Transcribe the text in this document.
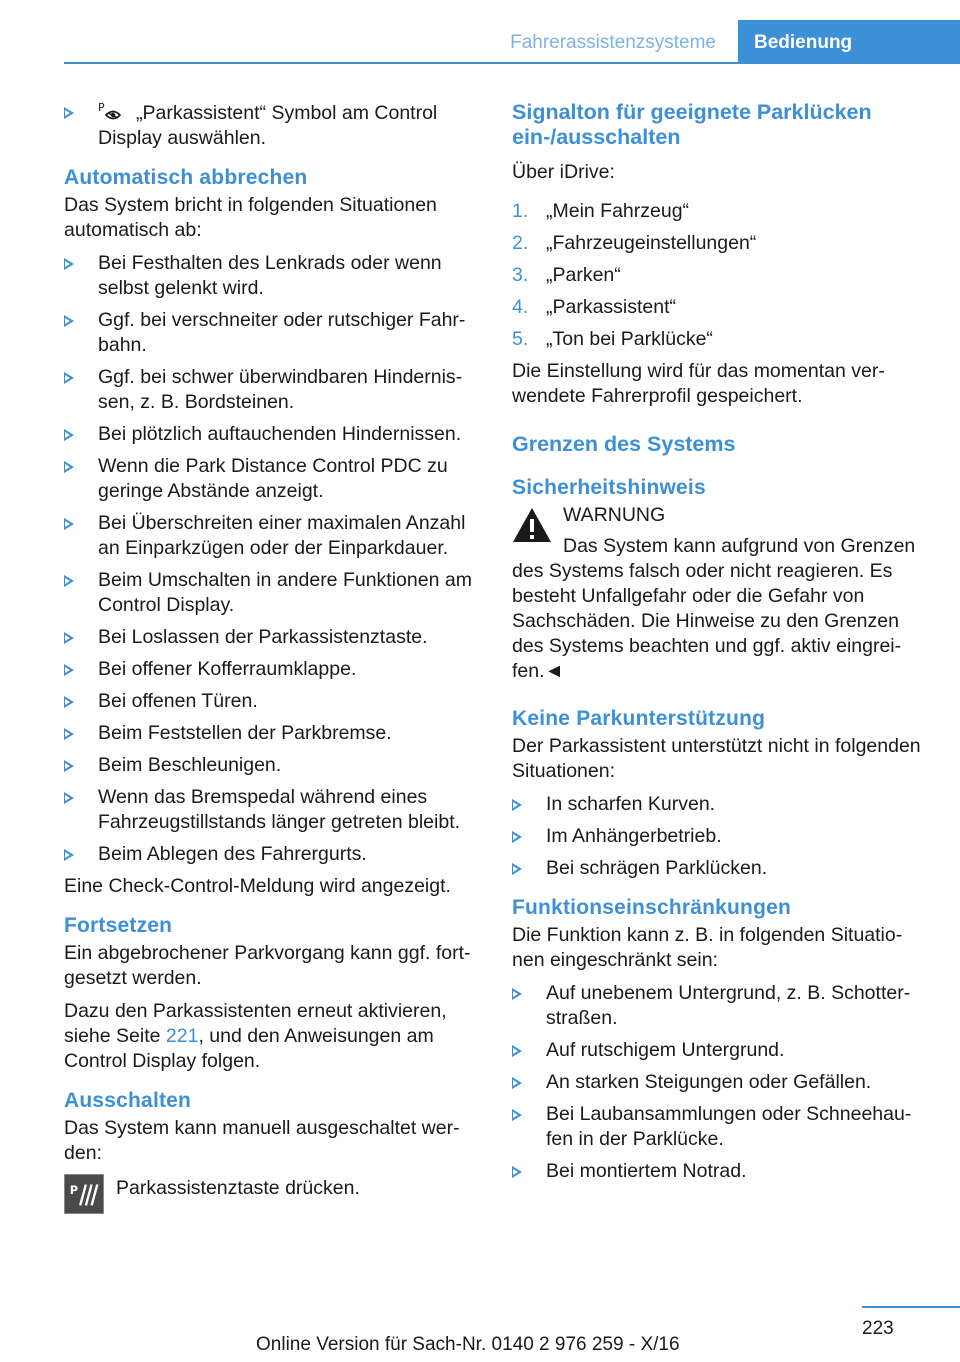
Fahrerassistenzsysteme	Bedienung
P „Parkassistent“ Symbol am Control Display auswählen.
Automatisch abbrechen

Das System bricht in folgenden Situationen automatisch ab:

Bei Festhalten des Lenkrads oder wenn selbst gelenkt wird.
Ggf. bei verschneiter oder rutschiger Fahrbahn.
Ggf. bei schwer überwindbaren Hindernissen, z. B. Bordsteinen.
Bei plötzlich auftauchenden Hindernissen.
Wenn die Park Distance Control PDC zu geringe Abstände anzeigt.
Bei Überschreiten einer maximalen Anzahl an Einparkzügen oder der Einparkdauer.
Beim Umschalten in andere Funktionen am Control Display.
Bei Loslassen der Parkassistenztaste.
Bei offener Kofferraumklappe.
Bei offenen Türen.
Beim Feststellen der Parkbremse.
Beim Beschleunigen.
Wenn das Bremspedal während eines Fahrzeugstillstands länger getreten bleibt.
Beim Ablegen des Fahrergurts.

Eine Check-Control-Meldung wird angezeigt.

Fortsetzen

Ein abgebrochener Parkvorgang kann ggf. fortgesetzt werden.

Dazu den Parkassistenten erneut aktivieren, siehe Seite 221, und den Anweisungen am Control Display folgen.

Ausschalten

Das System kann manuell ausgeschaltet werden:

P Parkassistenztaste drücken.
Signalton für geeignete Parklücken ein-/ausschalten

Über iDrive:

1. „Mein Fahrzeug“
2. „Fahrzeugeinstellungen“
3. „Parken“
4. „Parkassistent“
5. „Ton bei Parklücke“

Die Einstellung wird für das momentan verwendete Fahrerprofil gespeichert.

Grenzen des Systems
Sicherheitshinweis
WARNUNG
Das System kann aufgrund von Grenzen
des Systems falsch oder nicht reagieren. Es besteht Unfallgefahr oder die Gefahr von Sachschäden. Die Hinweise zu den Grenzen des Systems beachten und ggf. aktiv eingreifen.◄
Keine Parkunterstützung

Der Parkassistent unterstützt nicht in folgenden Situationen:

In scharfen Kurven.
Im Anhängerbetrieb.
Bei schrägen Parklücken.
Funktionseinschränkungen

Die Funktion kann z. B. in folgenden Situationen eingeschränkt sein:

Auf unebenem Untergrund, z. B. Schotterstraßen.
Auf rutschigem Untergrund.
An starken Steigungen oder Gefällen.
Bei Laubansammlungen oder Schneehaufen in der Parklücke.
Bei montiertem Notrad.
223
Online Version für Sach-Nr. 0140 2 976 259 - X/16
